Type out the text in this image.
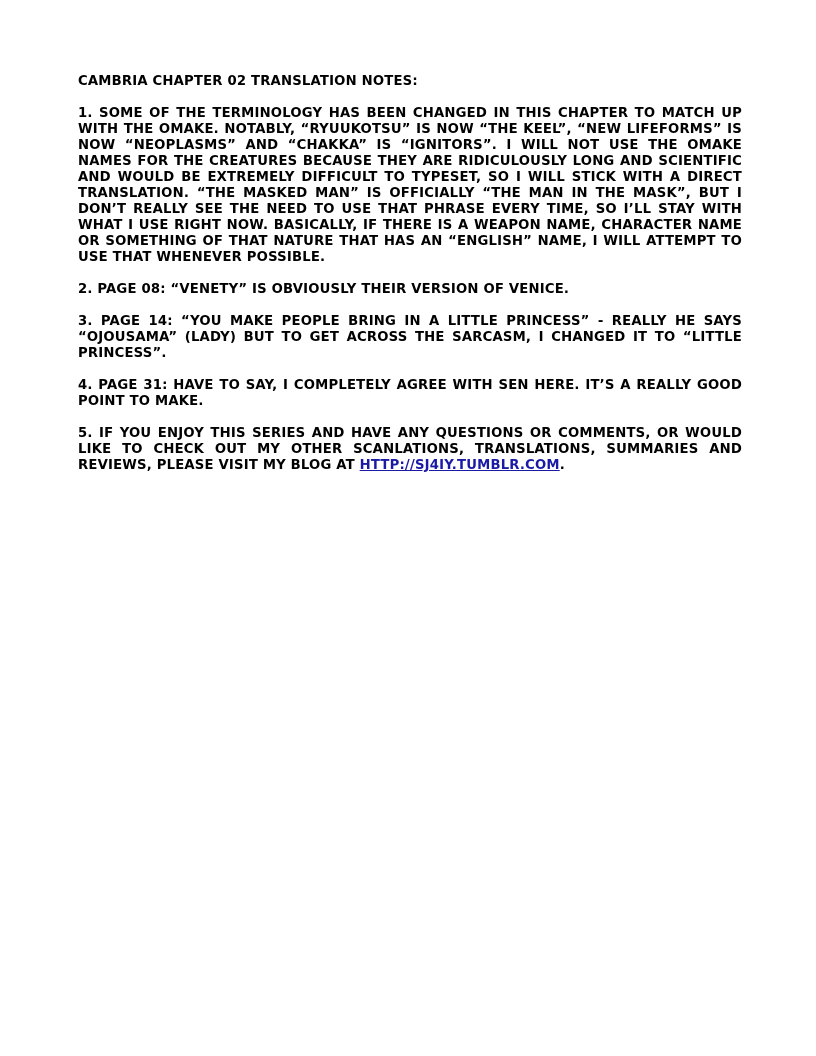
CAMBRIA CHAPTER 02 TRANSLATION NOTES:

1. SOME OF THE TERMINOLOGY HAS BEEN CHANGED IN THIS CHAPTER TO MATCH UP WITH THE OMAKE. NOTABLY, “RYUUKOTSU” IS NOW “THE KEEL”, “NEW LIFEFORMS” IS NOW “NEOPLASMS” AND “CHAKKA” IS “IGNITORS”. I WILL NOT USE THE OMAKE NAMES FOR THE CREATURES BECAUSE THEY ARE RIDICULOUSLY LONG AND SCIENTIFIC AND WOULD BE EXTREMELY DIFFICULT TO TYPESET, SO I WILL STICK WITH A DIRECT TRANSLATION. “THE MASKED MAN” IS OFFICIALLY “THE MAN IN THE MASK”, BUT I DON’T REALLY SEE THE NEED TO USE THAT PHRASE EVERY TIME, SO I’LL STAY WITH WHAT I USE RIGHT NOW. BASICALLY, IF THERE IS A WEAPON NAME, CHARACTER NAME OR SOMETHING OF THAT NATURE THAT HAS AN “ENGLISH” NAME, I WILL ATTEMPT TO USE THAT WHENEVER POSSIBLE.

2. PAGE 08: “VENETY” IS OBVIOUSLY THEIR VERSION OF VENICE.

3. PAGE 14: “YOU MAKE PEOPLE BRING IN A LITTLE PRINCESS” - REALLY HE SAYS “OJOUSAMA” (LADY) BUT TO GET ACROSS THE SARCASM, I CHANGED IT TO “LITTLE PRINCESS”.

4. PAGE 31: HAVE TO SAY, I COMPLETELY AGREE WITH SEN HERE. IT’S A REALLY GOOD POINT TO MAKE.

5. IF YOU ENJOY THIS SERIES AND HAVE ANY QUESTIONS OR COMMENTS, OR WOULD LIKE TO CHECK OUT MY OTHER SCANLATIONS, TRANSLATIONS, SUMMARIES AND REVIEWS, PLEASE VISIT MY BLOG AT HTTP://SJ4IY.TUMBLR.COM.
